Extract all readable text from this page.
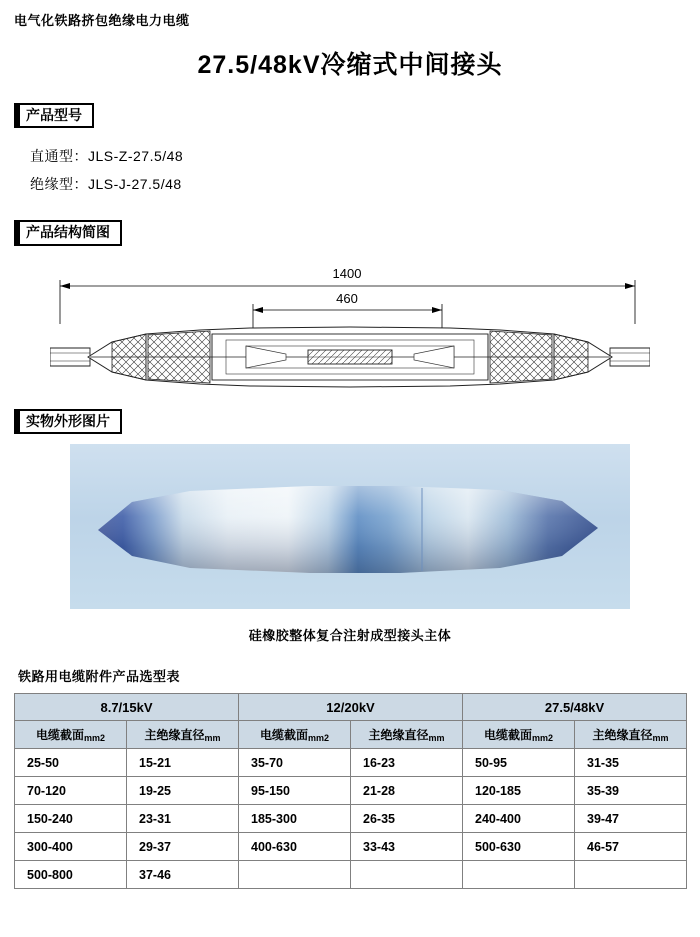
电气化铁路挤包绝缘电力电缆
27.5/48kV冷缩式中间接头
产品型号
直通型：JLS-Z-27.5/48
绝缘型：JLS-J-27.5/48
产品结构简图
1400
460
实物外形图片
硅橡胶整体复合注射成型接头主体
铁路用电缆附件产品选型表
8.7/15kV		12/20kV		27.5/48kV	
电缆截面$_{mm2}$	主绝缘直径$_{mm}$	电缆截面$_{mm2}$	主绝缘直径$_{mm}$	电缆截面$_{mm2}$	主绝缘直径$_{mm}$
25-50	15-21	35-70	16-23	50-95	31-35
70-120	19-25	95-150	21-28	120-185	35-39
150-240	23-31	185-300	26-35	240-400	39-47
300-400	29-37	400-630	33-43	500-630	46-57
500-800	37-46				
